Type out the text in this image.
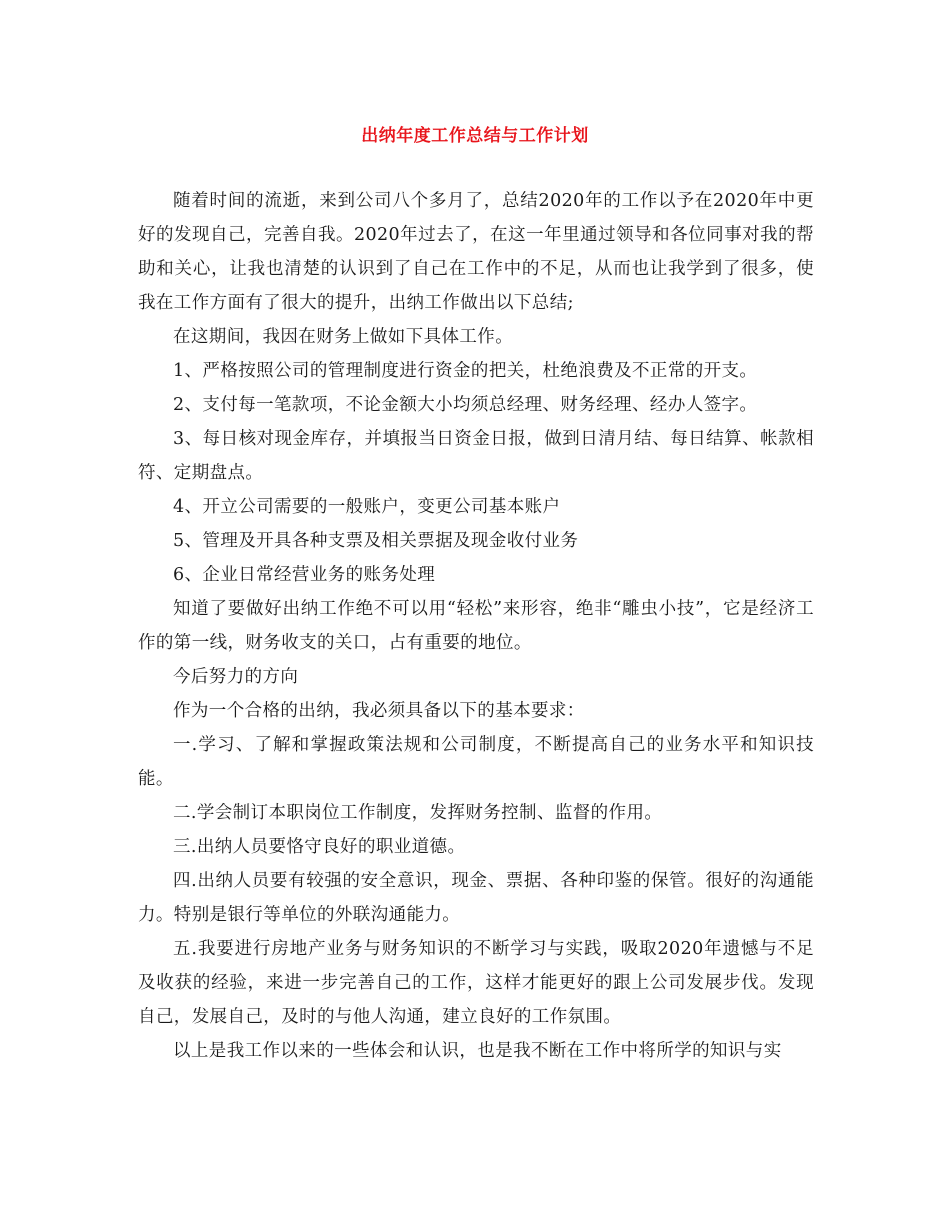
出纳年度工作总结与工作计划

随着时间的流逝，来到公司八个多月了，总结2020年的工作以予在2020年中更好的发现自己，完善自我。2020年过去了，在这一年里通过领导和各位同事对我的帮助和关心，让我也清楚的认识到了自己在工作中的不足，从而也让我学到了很多，使我在工作方面有了很大的提升，出纳工作做出以下总结;

在这期间，我因在财务上做如下具体工作。

1、严格按照公司的管理制度进行资金的把关，杜绝浪费及不正常的开支。

2、支付每一笔款项，不论金额大小均须总经理、财务经理、经办人签字。

3、每日核对现金库存，并填报当日资金日报，做到日清月结、每日结算、帐款相符、定期盘点。

4、开立公司需要的一般账户，变更公司基本账户

5、管理及开具各种支票及相关票据及现金收付业务

6、企业日常经营业务的账务处理

知道了要做好出纳工作绝不可以用“轻松”来形容，绝非“雕虫小技”，它是经济工作的第一线，财务收支的关口，占有重要的地位。

今后努力的方向

作为一个合格的出纳，我必须具备以下的基本要求：

一.学习、了解和掌握政策法规和公司制度，不断提高自己的业务水平和知识技能。

二.学会制订本职岗位工作制度，发挥财务控制、监督的作用。

三.出纳人员要恪守良好的职业道德。

四.出纳人员要有较强的安全意识，现金、票据、各种印鉴的保管。很好的沟通能力。特别是银行等单位的外联沟通能力。

五.我要进行房地产业务与财务知识的不断学习与实践，吸取2020年遗憾与不足及收获的经验，来进一步完善自己的工作，这样才能更好的跟上公司发展步伐。发现自己，发展自己，及时的与他人沟通，建立良好的工作氛围。

以上是我工作以来的一些体会和认识，也是我不断在工作中将所学的知识与实
